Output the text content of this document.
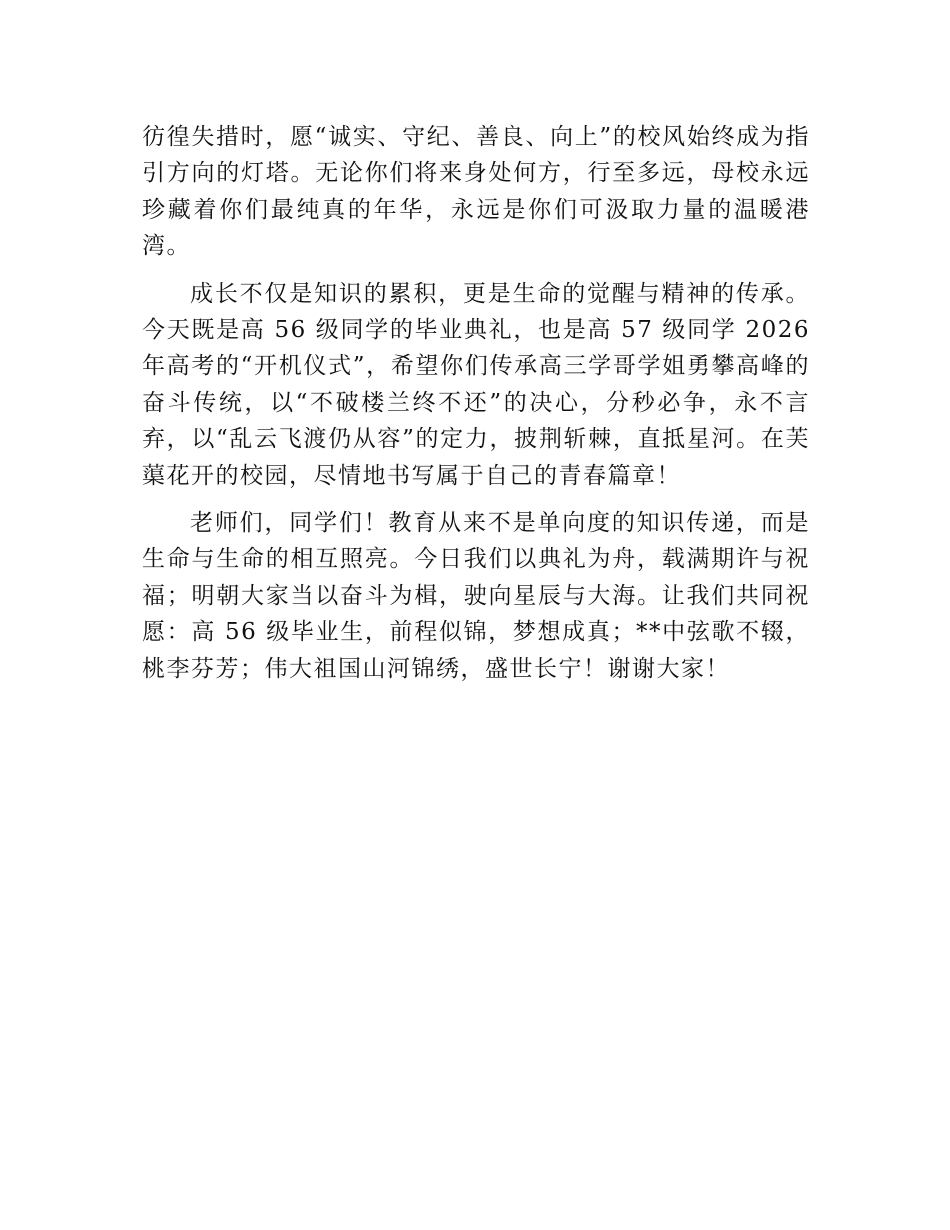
彷徨失措时，愿“诚实、守纪、善良、向上”的校风始终成为指引方向的灯塔。无论你们将来身处何方，行至多远，母校永远珍藏着你们最纯真的年华，永远是你们可汲取力量的温暖港湾。

成长不仅是知识的累积，更是生命的觉醒与精神的传承。今天既是高 56 级同学的毕业典礼，也是高 57 级同学 2026 年高考的“开机仪式”，希望你们传承高三学哥学姐勇攀高峰的奋斗传统，以“不破楼兰终不还”的决心，分秒必争，永不言弃，以“乱云飞渡仍从容”的定力，披荆斩棘，直抵星河。在芙蕖花开的校园，尽情地书写属于自己的青春篇章！

老师们，同学们！教育从来不是单向度的知识传递，而是生命与生命的相互照亮。今日我们以典礼为舟，载满期许与祝福；明朝大家当以奋斗为楫，驶向星辰与大海。让我们共同祝愿：高 56 级毕业生，前程似锦，梦想成真；**中弦歌不辍，桃李芬芳；伟大祖国山河锦绣，盛世长宁！谢谢大家！
